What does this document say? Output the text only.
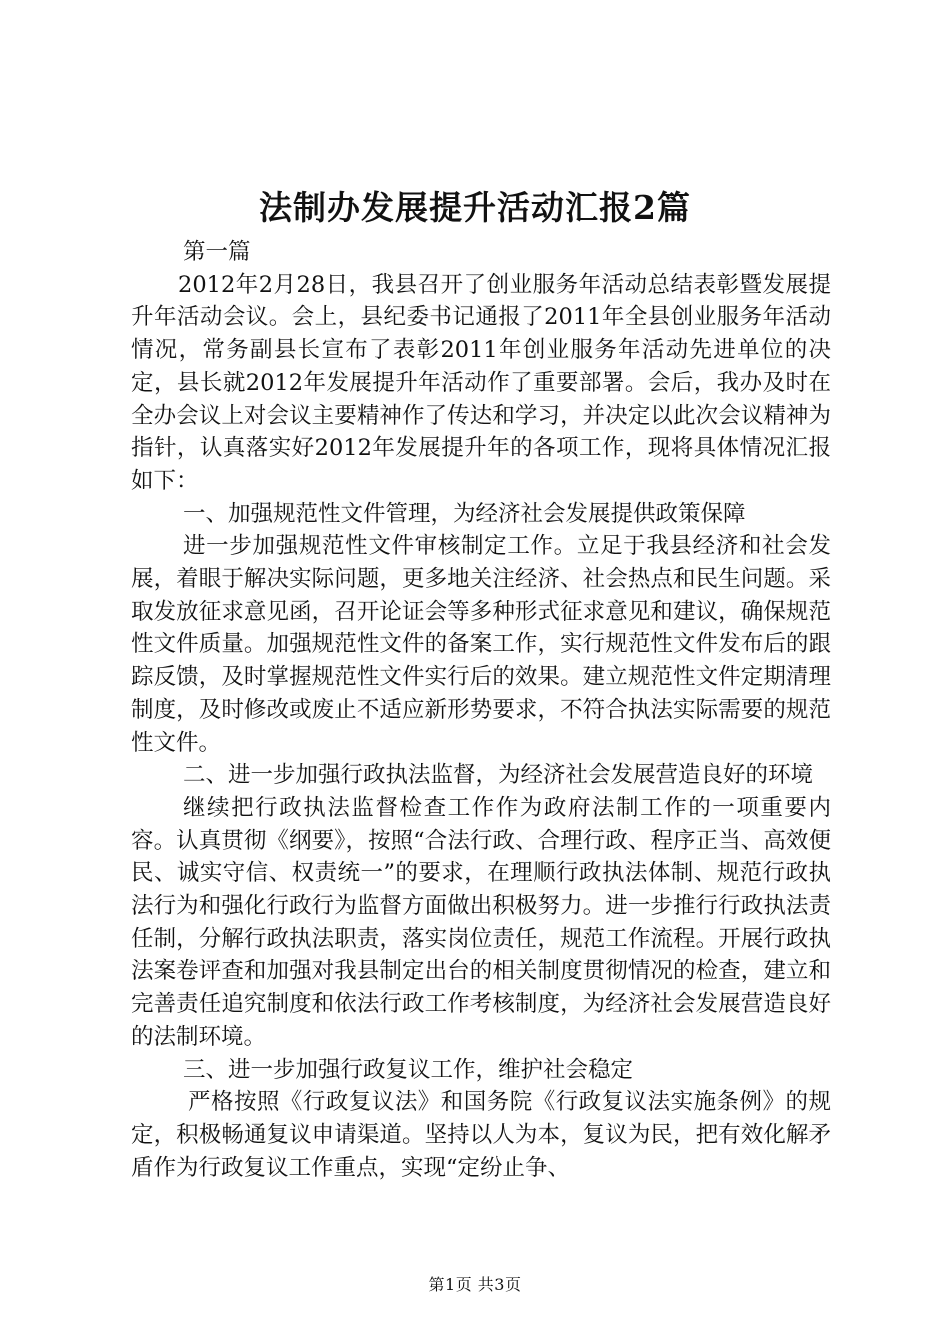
法制办发展提升活动汇报2篇

第一篇

2012年2月28日，我县召开了创业服务年活动总结表彰暨发展提升年活动会议。会上，县纪委书记通报了2011年全县创业服务年活动情况，常务副县长宣布了表彰2011年创业服务年活动先进单位的决定，县长就2012年发展提升年活动作了重要部署。会后，我办及时在全办会议上对会议主要精神作了传达和学习，并决定以此次会议精神为指针，认真落实好2012年发展提升年的各项工作，现将具体情况汇报如下：

一、加强规范性文件管理，为经济社会发展提供政策保障

进一步加强规范性文件审核制定工作。立足于我县经济和社会发展，着眼于解决实际问题，更多地关注经济、社会热点和民生问题。采取发放征求意见函，召开论证会等多种形式征求意见和建议，确保规范性文件质量。加强规范性文件的备案工作，实行规范性文件发布后的跟踪反馈，及时掌握规范性文件实行后的效果。建立规范性文件定期清理制度，及时修改或废止不适应新形势要求，不符合执法实际需要的规范性文件。

二、进一步加强行政执法监督，为经济社会发展营造良好的环境

继续把行政执法监督检查工作作为政府法制工作的一项重要内容。认真贯彻《纲要》，按照“合法行政、合理行政、程序正当、高效便民、诚实守信、权责统一”的要求，在理顺行政执法体制、规范行政执法行为和强化行政行为监督方面做出积极努力。进一步推行行政执法责任制，分解行政执法职责，落实岗位责任，规范工作流程。开展行政执法案卷评查和加强对我县制定出台的相关制度贯彻情况的检查，建立和完善责任追究制度和依法行政工作考核制度，为经济社会发展营造良好的法制环境。

三、进一步加强行政复议工作，维护社会稳定

严格按照《行政复议法》和国务院《行政复议法实施条例》的规定，积极畅通复议申请渠道。坚持以人为本，复议为民，把有效化解矛盾作为行政复议工作重点，实现“定纷止争、

第1页 共3页
